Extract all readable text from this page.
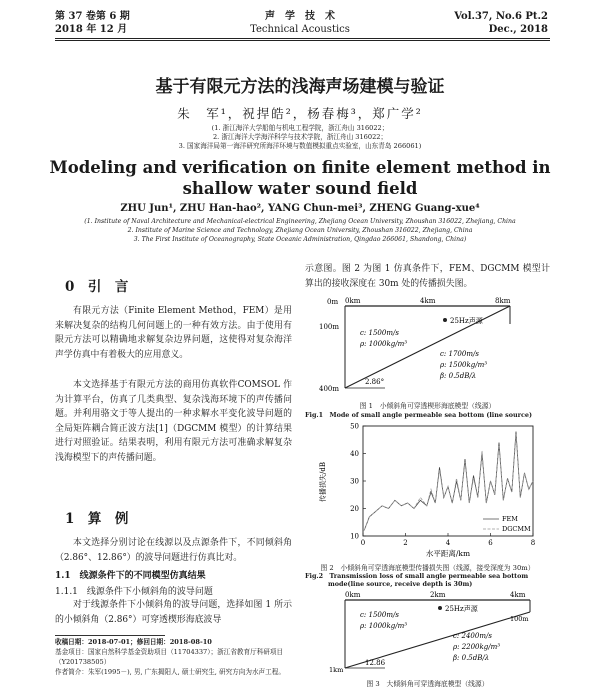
第 37 卷第 6 期
2018 年 12 月
声　学　技　术
Technical Acoustics
Vol.37, No.6 Pt.2
Dec., 2018
基于有限元方法的浅海声场建模与验证
朱　军¹，祝捍皓²，杨春梅³，郑广学²
(1. 浙江海洋大学船舶与机电工程学院，浙江舟山 316022；
2. 浙江海洋大学海洋科学与技术学院，浙江舟山 316022；
3. 国家海洋局第一海洋研究所海洋环境与数值模拟重点实验室，山东青岛 266061)
Modeling and verification on finite element method in shallow water sound field
ZHU Jun¹, ZHU Han-hao², YANG Chun-mei³, ZHENG Guang-xue⁴
(1. Institute of Naval Architecture and Mechanical-electrical Engineering, Zhejiang Ocean University, Zhoushan 316022, Zhejiang, China
2. Institute of Marine Science and Technology, Zhejiang Ocean University, Zhoushan 316022, Zhejiang, China
3. The First Institute of Oceanography, State Oceanic Administration, Qingdao 266061, Shandong, China)
0　引　言
有限元方法（Finite Element Method，FEM）是用来解决复杂的结构几何问题上的一种有效方法。由于使用有限元方法可以精确地求解复杂边界问题，这使得对复杂海洋声学仿真中有着极大的应用意义。
本文选择基于有限元方法的商用仿真软件COMSOL 作为计算平台，仿真了几类典型、复杂浅海环境下的声传播问题。并利用骆文于等人提出的一种求解水平变化波导问题的全局矩阵耦合简正波方法[1]（DGCMM 模型）的计算结果进行对照验证。结果表明，利用有限元方法可准确求解复杂浅海模型下的声传播问题。
1　算　例
本文选择分别讨论在线源以及点源条件下，不同倾斜角（2.86°、12.86°）的波导问题进行仿真比对。
1.1　线源条件下的不同模型仿真结果
1.1.1　线源条件下小倾斜角的波导问题
对于线源条件下小倾斜角的波导问题，选择如图 1 所示的小倾斜角（2.86°）可穿透楔形海底波导
收稿日期：2018-07-01；修回日期：2018-08-10
基金项目：国家自然科学基金资助项目（11704337）；浙江省教育厅科研项目（Y201738505）
作者简介：朱军(1995－), 男, 广东揭阳人, 硕士研究生, 研究方向为水声工程。
示意图。图 2 为图 1 仿真条件下，FEM、DGCMM 模型计算出的接收深度在 30m 处的传播损失图。
0m 0km	4km	8km
100m
400m
25Hz声源
c: 1500m/s
ρ: 1000kg/m³
c: 1700m/s
ρ: 1500kg/m³
β: 0.5dB/λ
2.86°
图 1　小倾斜角可穿透楔形海底模型（线源）
Fig.1　Mode of small angle permeable sea bottom (line source)
0	2	4	6	8
10
20
30
40
50
传播损失/dB
水平距离/km
FEM
DGCMM
图 2　小倾斜角可穿透海底模型传播损失图（线源，接受深度为 30m）
Fig.2　Transmission loss of small angle permeable sea bottom
mode(line source, receive depth is 30m)
0km	2km	4km
25Hz声源
100m
1km
c: 1500m/s
ρ: 1000kg/m³
c: 2400m/s
ρ: 2200kg/m³
β: 0.5dB/λ
12.86
图 3　大倾斜角可穿透海底模型（线源）
